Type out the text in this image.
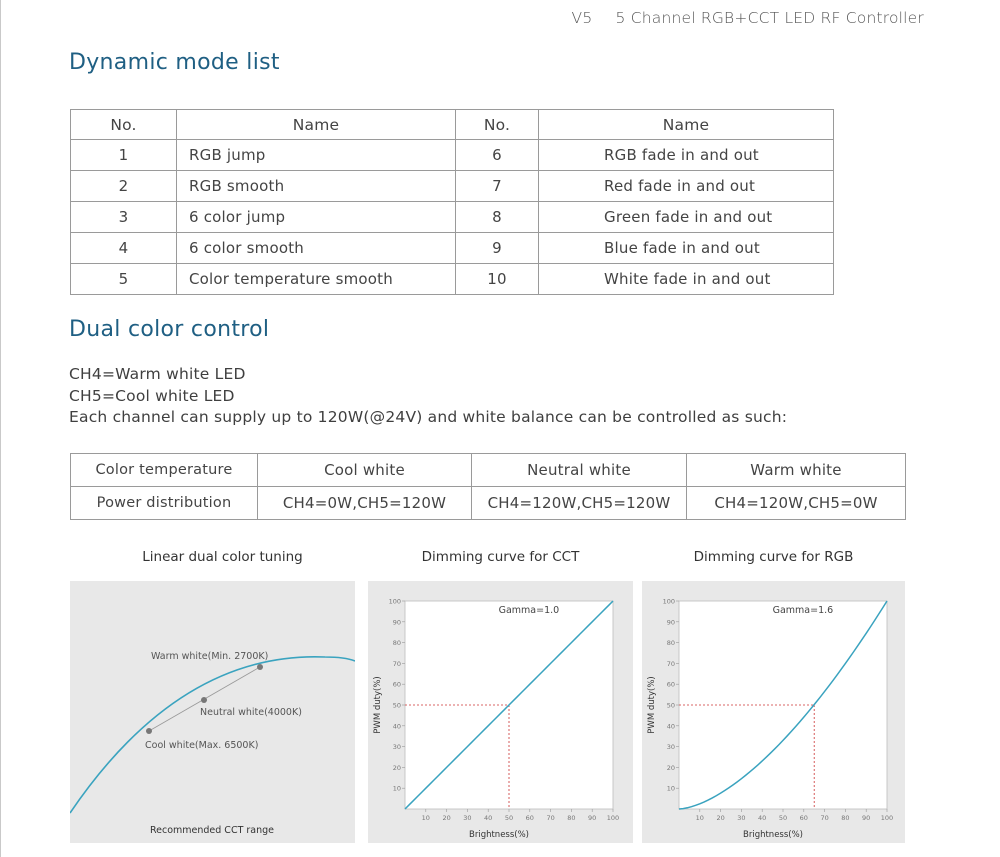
V5 5 Channel RGB+CCT LED RF Controller
Dynamic mode list
No.	Name	No.	Name
1	RGB jump	6	RGB fade in and out
2	RGB smooth	7	Red fade in and out
3	6 color jump	8	Green fade in and out
4	6 color smooth	9	Blue fade in and out
5	Color temperature smooth	10	White fade in and out
Dual color control
CH4=Warm white LED
CH5=Cool white LED
Each channel can supply up to 120W(@24V) and white balance can be controlled as such:
Color temperature	Cool white	Neutral white	Warm white
Power distribution	CH4=0W,CH5=120W	CH4=120W,CH5=120W	CH4=120W,CH5=0W
Linear dual color tuning	Dimming curve for CCT	Dimming curve for RGB
Warm white(Min. 2700K)
Neutral white(4000K)
Cool white(Max. 6500K)
Recommended CCT range
10
20
30
40
50
60
70
80
90
100
10 20 30 40 50 60 70 80 90 100
Brightness(%)
PWM duty(%)
Gamma=1.0
10
20
30
40
50
60
70
80
90
100
10 20 30 40 50 60 70 80 90 100
Brightness(%)
PWM duty(%)
Gamma=1.6
